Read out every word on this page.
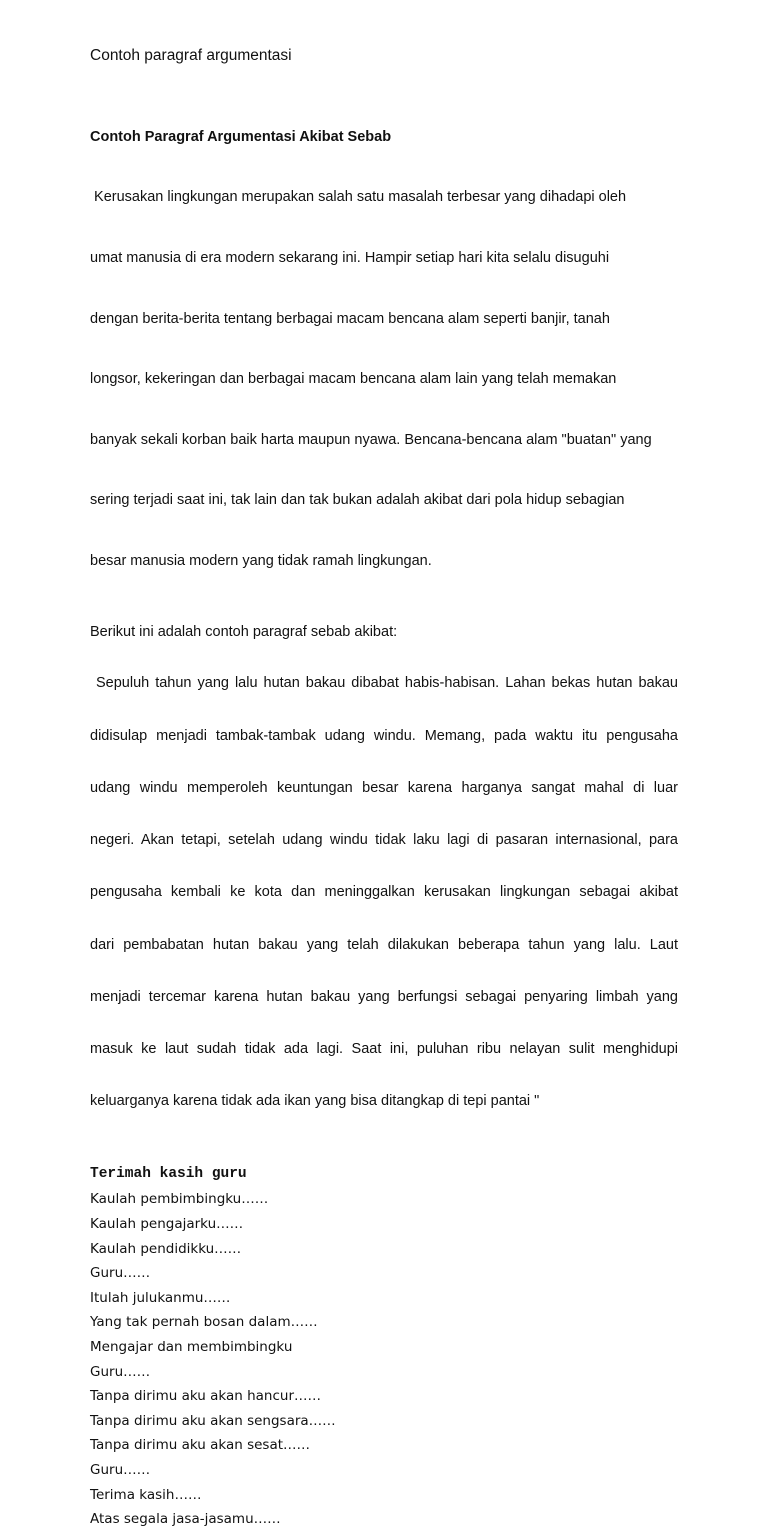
Contoh paragraf argumentasi

Contoh Paragraf Argumentasi Akibat Sebab

Kerusakan lingkungan merupakan salah satu masalah terbesar yang dihadapi oleh

umat manusia di era modern sekarang ini. Hampir setiap hari kita selalu disuguhi

dengan berita-berita tentang berbagai macam bencana alam seperti banjir, tanah

longsor, kekeringan dan berbagai macam bencana alam lain yang telah memakan

banyak sekali korban baik harta maupun nyawa. Bencana-bencana alam "buatan" yang

sering terjadi saat ini, tak lain dan tak bukan adalah akibat dari pola hidup sebagian

besar manusia modern yang tidak ramah lingkungan.

Berikut ini adalah contoh paragraf sebab akibat:

Sepuluh tahun yang lalu hutan bakau dibabat habis-habisan. Lahan bekas hutan bakau

didisulap menjadi tambak-tambak udang windu. Memang, pada waktu itu pengusaha

udang windu memperoleh keuntungan besar karena harganya sangat mahal di luar

negeri. Akan tetapi, setelah udang windu tidak laku lagi di pasaran internasional, para

pengusaha kembali ke kota dan meninggalkan kerusakan lingkungan sebagai akibat

dari pembabatan hutan bakau yang telah dilakukan beberapa tahun yang lalu. Laut

menjadi tercemar karena hutan bakau yang berfungsi sebagai penyaring limbah yang

masuk ke laut sudah tidak ada lagi. Saat ini, puluhan ribu nelayan sulit menghidupi

keluarganya karena tidak ada ikan yang bisa ditangkap di tepi pantai "

Terimah kasih guru

Kaulah pembimbingku……
Kaulah pengajarku……
Kaulah pendidikku……
Guru……
Itulah julukanmu……
Yang tak pernah bosan dalam……
Mengajar dan membimbingku
Guru……
Tanpa dirimu aku akan hancur……
Tanpa dirimu aku akan sengsara……
Tanpa dirimu aku akan sesat……
Guru……
Terima kasih……
Atas segala jasa-jasamu……
